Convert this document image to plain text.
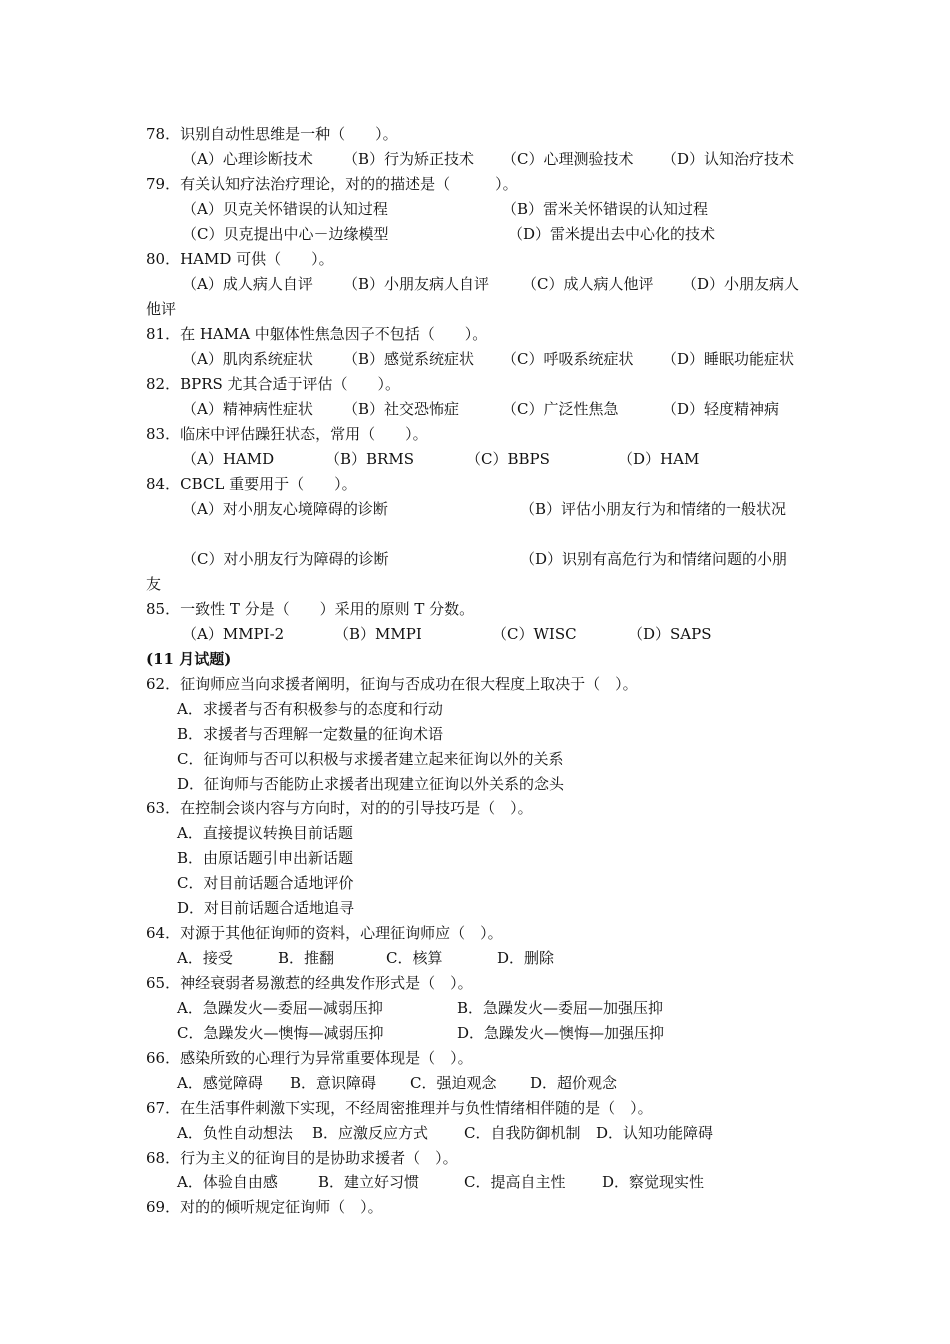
78．识别自动性思维是一种（　　）。
（A）心理诊断技术 （B）行为矫正技术 （C）心理测验技术 （D）认知治疗技术
79．有关认知疗法治疗理论，对的的描述是（　　　）。
（A）贝克关怀错误的认知过程	（B）雷米关怀错误的认知过程
（C）贝克提出中心－边缘模型	（D）雷米提出去中心化的技术
80．HAMD 可供（　　）。
（A）成人病人自评 （B）小朋友病人自评 （C）成人病人他评 （D）小朋友病人
他评
81．在 HAMA 中躯体性焦急因子不包括（　　）。
（A）肌肉系统症状 （B）感觉系统症状 （C）呼吸系统症状 （D）睡眠功能症状
82．BPRS 尤其合适于评估（　　）。
（A）精神病性症状 （B）社交恐怖症	（C）广泛性焦急	（D）轻度精神病
83．临床中评估躁狂状态，常用（　　）。
（A）HAMD	（B）BRMS	（C）BBPS	（D）HAM
84．CBCL 重要用于（　　）。
（A）对小朋友心境障碍的诊断	（B）评估小朋友行为和情绪的一般状况
（C）对小朋友行为障碍的诊断	（D）识别有高危行为和情绪问题的小朋
友
85．一致性 T 分是（　　）采用的原则 T 分数。
（A）MMPI-2	（B）MMPI	（C）WISC	（D）SAPS
(11 月试题)
62．征询师应当向求援者阐明，征询与否成功在很大程度上取决于（　）。
A．求援者与否有积极参与的态度和行动
B．求援者与否理解一定数量的征询术语
C．征询师与否可以积极与求援者建立起来征询以外的关系
D．征询师与否能防止求援者出现建立征询以外关系的念头
63．在控制会谈内容与方向时，对的的引导技巧是（　）。
A．直接提议转换目前话题
B．由原话题引申出新话题
C．对目前话题合适地评价
D．对目前话题合适地追寻
64．对源于其他征询师的资料，心理征询师应（　）。
A．接受	B．推翻	C．核算	D．删除
65．神经衰弱者易激惹的经典发作形式是（　）。
A．急躁发火—委屈—减弱压抑	B．急躁发火—委屈—加强压抑
C．急躁发火—懊悔—减弱压抑	D．急躁发火—懊悔—加强压抑
66．感染所致的心理行为异常重要体现是（　）。
A．感觉障碍 B．意识障碍 C．强迫观念 D．超价观念
67．在生活事件刺激下实现，不经周密推理并与负性情绪相伴随的是（　）。
A．负性自动想法 B．应激反应方式 C．自我防御机制 D．认知功能障碍
68．行为主义的征询目的是协助求援者（　）。
A．体验自由感	B．建立好习惯	C．提高自主性 D．察觉现实性
69．对的的倾听规定征询师（　）。
